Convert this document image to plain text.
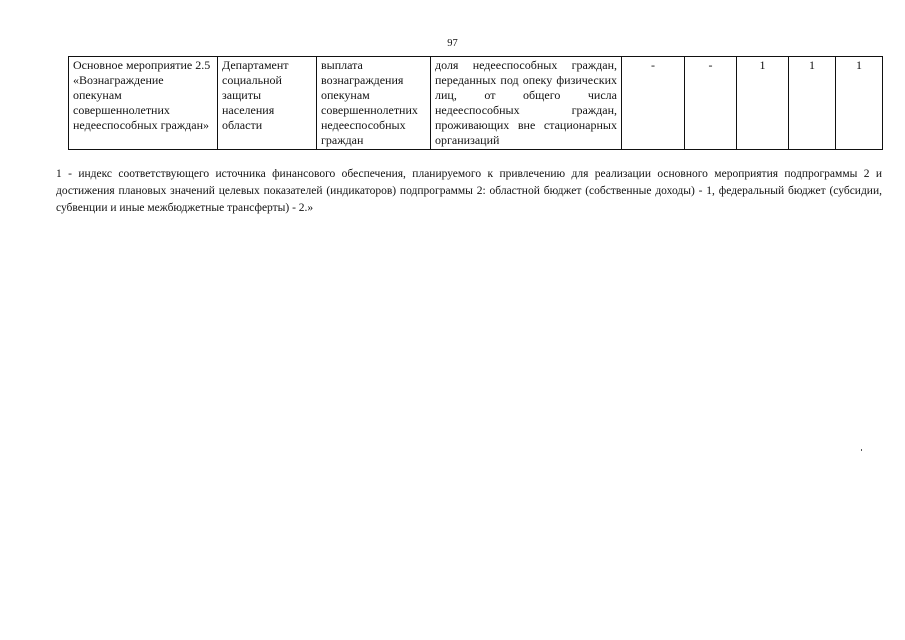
97
Основное мероприятие 2.5 «Вознаграждение опекунам совершеннолетних недееспособных граждан»	Департамент социальной защиты населения области	выплата вознаграждения опекунам совершеннолетних недееспособных граждан	доля недееспособных граждан, переданных под опеку физических лиц, от общего числа недееспособных граждан, проживающих вне стационарных организаций	-	-	1	1	1
1 - индекс соответствующего источника финансового обеспечения, планируемого к привлечению для реализации основного мероприятия подпрограммы 2 и достижения плановых значений целевых показателей (индикаторов) подпрограммы 2: областной бюджет (собственные доходы) - 1, федеральный бюджет (субсидии, субвенции и иные межбюджетные трансферты) - 2.»
